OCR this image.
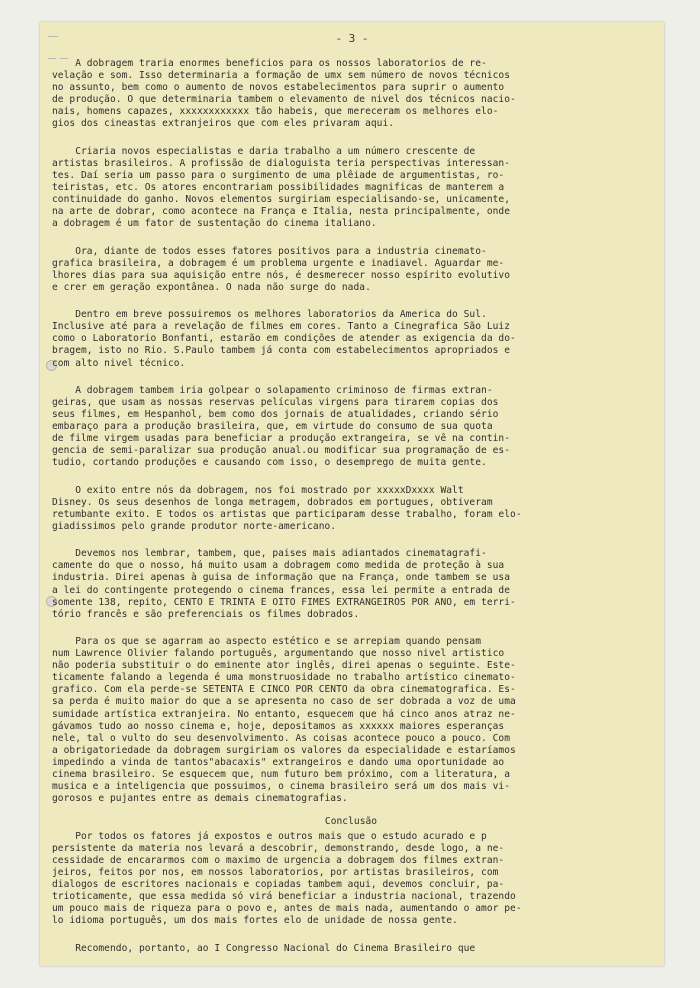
- 3 -
A dobragem traria enormes beneficios para os nossos laboratorios de re-
velação e som. Isso determinaria a formação de umx sem número de novos técnicos
no assunto, bem como o aumento de novos estabelecimentos para suprir o aumento
de produção. O que determinaria tambem o elevamento de nivel dos técnicos nacio-
nais, homens capazes, xxxxxxxxxxxx tão habeis, que mereceram os melhores elo-
gios dos cineastas extranjeiros que com eles privaram aqui.
Criaria novos especialistas e daria trabalho a um número crescente de
artistas brasileiros. A profissão de dialoguista teria perspectivas interessan-
tes. Daí seria um passo para o surgimento de uma plêiade de argumentistas, ro-
teiristas, etc. Os atores encontrariam possibilidades magnificas de manterem a
continuidade do ganho. Novos elementos surgiriam especialisando-se, unicamente,
na arte de dobrar, como acontece na França e Italia, nesta principalmente, onde
a dobragem é um fator de sustentação do cinema italiano.
Ora, diante de todos esses fatores positivos para a industria cinemato-
grafica brasileira, a dobragem é um problema urgente e inadiavel. Aguardar me-
lhores dias para sua aquisição entre nós, é desmerecer nosso espírito evolutivo
e crer em geração expontânea. O nada não surge do nada.
Dentro em breve possuiremos os melhores laboratorios da America do Sul.
Inclusive até para a revelação de filmes em cores. Tanto a Cinegrafica São Luiz
como o Laboratorio Bonfanti, estarão em condições de atender as exigencia da do-
bragem, isto no Rio. S.Paulo tambem já conta com estabelecimentos apropriados e
com alto nivel técnico.
A dobragem tambem iria golpear o solapamento criminoso de firmas extran-
geiras, que usam as nossas reservas películas virgens para tirarem copias dos
seus filmes, em Hespanhol, bem como dos jornais de atualidades, criando sério
embaraço para a produção brasileira, que, em virtude do consumo de sua quota
de filme virgem usadas para beneficiar a produção extrangeira, se vê na contin-
gencia de semi-paralizar sua produção anual.ou modificar sua programação de es-
tudio, cortando produções e causando com isso, o desemprego de muita gente.
O exito entre nós da dobragem, nos foi mostrado por xxxxxDxxxx Walt
Disney. Os seus desenhos de longa metragem, dobrados em portugues, obtiveram
retumbante exito. E todos os artistas que participaram desse trabalho, foram elo-
giadissimos pelo grande produtor norte-americano.
Devemos nos lembrar, tambem, que, paises mais adiantados cinematagrafi-
camente do que o nosso, há muito usam a dobragem como medida de proteção à sua
industria. Direi apenas à guisa de informação que na França, onde tambem se usa
a lei do contingente protegendo o cinema frances, essa lei permite a entrada de
somente 138, repito, CENTO E TRINTA E OITO FIMES EXTRANGEIROS POR ANO, em terri-
tório francês e são preferenciais os filmes dobrados.
Para os que se agarram ao aspecto estético e se arrepiam quando pensam
num Lawrence Olivier falando português, argumentando que nosso nivel artistico
não poderia substituir o do eminente ator inglês, direi apenas o seguinte. Este-
ticamente falando a legenda é uma monstruosidade no trabalho artístico cinemato-
grafico. Com ela perde-se SETENTA E CINCO POR CENTO da obra cinematografica. Es-
sa perda é muito maior do que a se apresenta no caso de ser dobrada a voz de uma
sumidade artística extranjeira. No entanto, esquecem que há cinco anos atraz ne-
gávamos tudo ao nosso cinema e, hoje, depositamos as xxxxxx maiores esperanças
nele, tal o vulto do seu desenvolvimento. As coisas acontece pouco a pouco. Com
a obrigatoriedade da dobragem surgiriam os valores da especialidade e estaríamos
impedindo a vinda de tantos"abacaxis" extrangeiros e dando uma oportunidade ao
cinema brasileiro. Se esquecem que, num futuro bem próximo, com a literatura, a
musica e a inteligencia que possuimos, o cinema brasileiro será um dos mais vi-
gorosos e pujantes entre as demais cinematografias.
Conclusão
Por todos os fatores já expostos e outros mais que o estudo acurado e p
persistente da materia nos levará a descobrir, demonstrando, desde logo, a ne-
cessidade de encararmos com o maximo de urgencia a dobragem dos filmes extran-
jeiros, feitos por nos, em nossos laboratorios, por artistas brasileiros, com
dialogos de escritores nacionais e copiadas tambem aqui, devemos concluir, pa-
trioticamente, que essa medida só virá beneficiar a industria nacional, trazendo
um pouco mais de riqueza para o povo e, antes de mais nada, aumentando o amor pe-
lo idioma português, um dos mais fortes elo de unidade de nossa gente.
Recomendo, portanto, ao I Congresso Nacional do Cinema Brasileiro que
